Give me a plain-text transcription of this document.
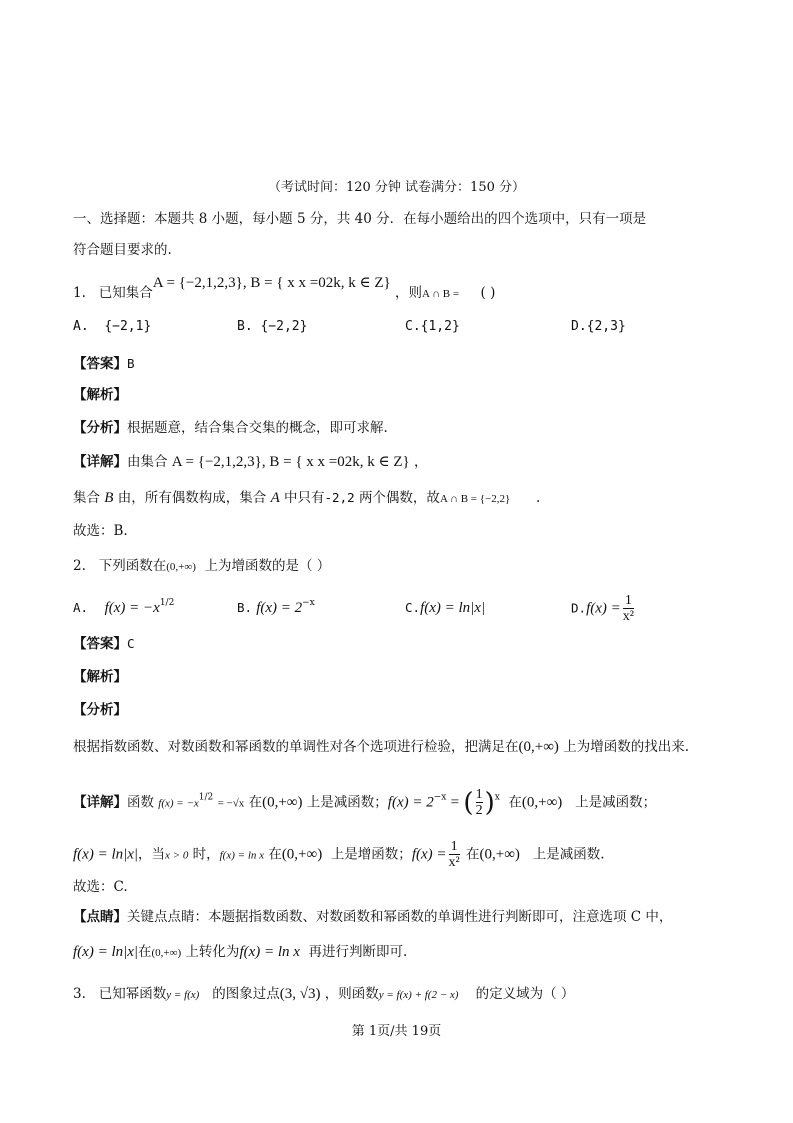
（考试时间：120 分钟 试卷满分：150 分）
一、选择题：本题共 8 小题，每小题 5 分，共 40 分．在每小题给出的四个选项中，只有一项是
符合题目要求的.
1. 已知集合A = {−2,1,2,3}, B = { x x =02k, k ∈ Z} ，则A ∩ B = ( )
A. {−2,1}	B. {−2,2}	C.{1,2}	D.{2,3}
【答案】B
【解析】
【分析】根据题意，结合集合交集的概念，即可求解.
【详解】由集合 A = {−2,1,2,3}, B = { x x =02k, k ∈ Z} ，
集合 B 由，所有偶数构成，集合 A 中只有-2,2 两个偶数，故A ∩ B = {−2,2} .
故选：B.
2. 下列函数在(0,+∞) 上为增函数的是（ ）
A. $f(x) = -x^{1/2}$	B. $f(x) = 2^{-x}$	C.f(x) = ln|x|	$D.f(x) = \frac{1}{\text{x²}}$
【答案】C
【解析】
【分析】
根据指数函数、对数函数和幂函数的单调性对各个选项进行检验，把满足在(0,+∞) 上为增函数的找出来.
【详解】函数 $f(x) = -x^{1/2} = -√x$ 在(0,+∞) 上是减函数；$f(x) = 2^{-x}$ = ( $\frac{1}{2} )^x$ 在(0,+∞) 上是减函数；
f(x) = ln|x|，当x > 0 时，f(x) = ln x 在(0,+∞) 上是增函数；$f(x) = \frac{1}{\text{x²}}$ 在(0,+∞) 上是减函数.
故选：C.
【点睛】关键点点睛：本题据指数函数、对数函数和幂函数的单调性进行判断即可，注意选项 C 中，
f(x) = ln|x|在(0,+∞) 上转化为f(x) = ln x 再进行判断即可.
3. 已知幂函数y = f(x) 的图象过点(3, √3) ，则函数y = f(x) + f(2 − x) 的定义域为（ ）
第 1页/共 19页
